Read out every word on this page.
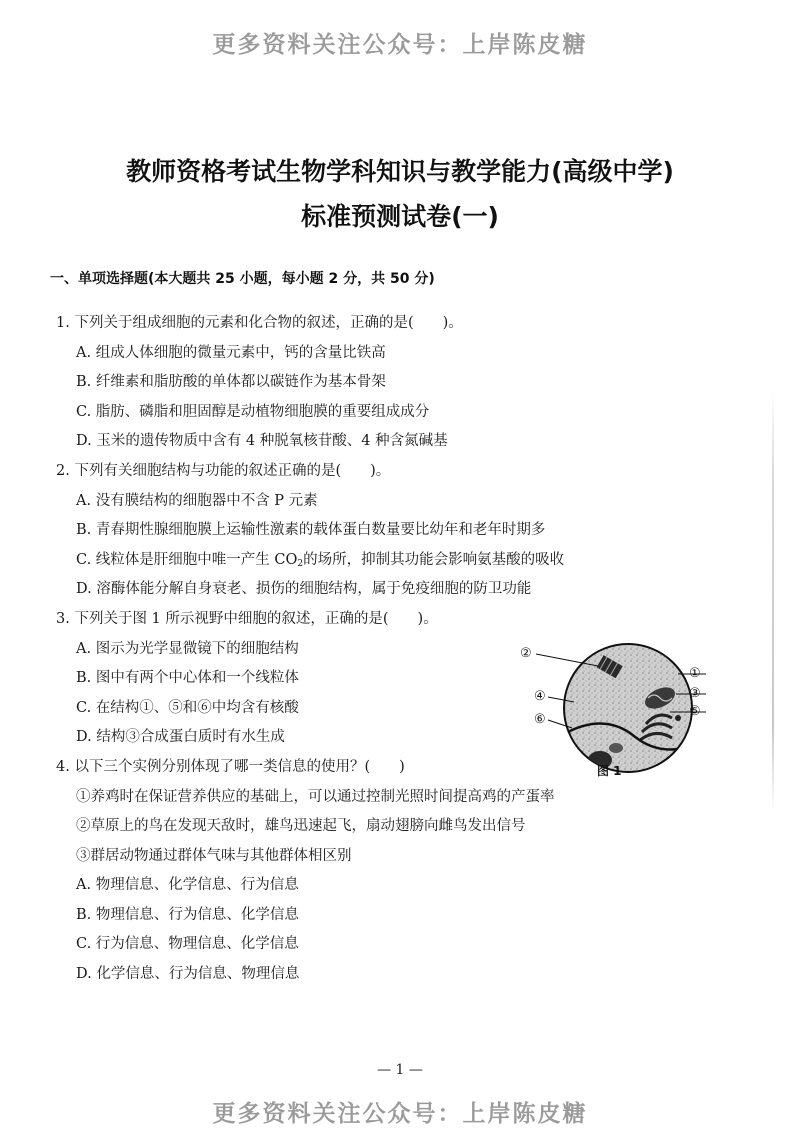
更多资料关注公众号：上岸陈皮糖
教师资格考试生物学科知识与教学能力(高级中学)
标准预测试卷(一)
一、单项选择题(本大题共 25 小题，每小题 2 分，共 50 分)
1. 下列关于组成细胞的元素和化合物的叙述，正确的是(　　)。
A. 组成人体细胞的微量元素中，钙的含量比铁高
B. 纤维素和脂肪酸的单体都以碳链作为基本骨架
C. 脂肪、磷脂和胆固醇是动植物细胞膜的重要组成成分
D. 玉米的遗传物质中含有 4 种脱氧核苷酸、4 种含氮碱基
2. 下列有关细胞结构与功能的叙述正确的是(　　)。
A. 没有膜结构的细胞器中不含 P 元素
B. 青春期性腺细胞膜上运输性激素的载体蛋白数量要比幼年和老年时期多
C. 线粒体是肝细胞中唯一产生 $CO_2$的场所，抑制其功能会影响氨基酸的吸收
D. 溶酶体能分解自身衰老、损伤的细胞结构，属于免疫细胞的防卫功能
3. 下列关于图 1 所示视野中细胞的叙述，正确的是(　　)。
A. 图示为光学显微镜下的细胞结构
B. 图中有两个中心体和一个线粒体
C. 在结构①、⑤和⑥中均含有核酸
D. 结构③合成蛋白质时有水生成
②
①
③
⑤
④
⑥
图 1
4. 以下三个实例分别体现了哪一类信息的使用？(　　)
①养鸡时在保证营养供应的基础上，可以通过控制光照时间提高鸡的产蛋率
②草原上的鸟在发现天敌时，雄鸟迅速起飞，扇动翅膀向雌鸟发出信号
③群居动物通过群体气味与其他群体相区别
A. 物理信息、化学信息、行为信息
B. 物理信息、行为信息、化学信息
C. 行为信息、物理信息、化学信息
D. 化学信息、行为信息、物理信息
— 1 —
更多资料关注公众号：上岸陈皮糖
